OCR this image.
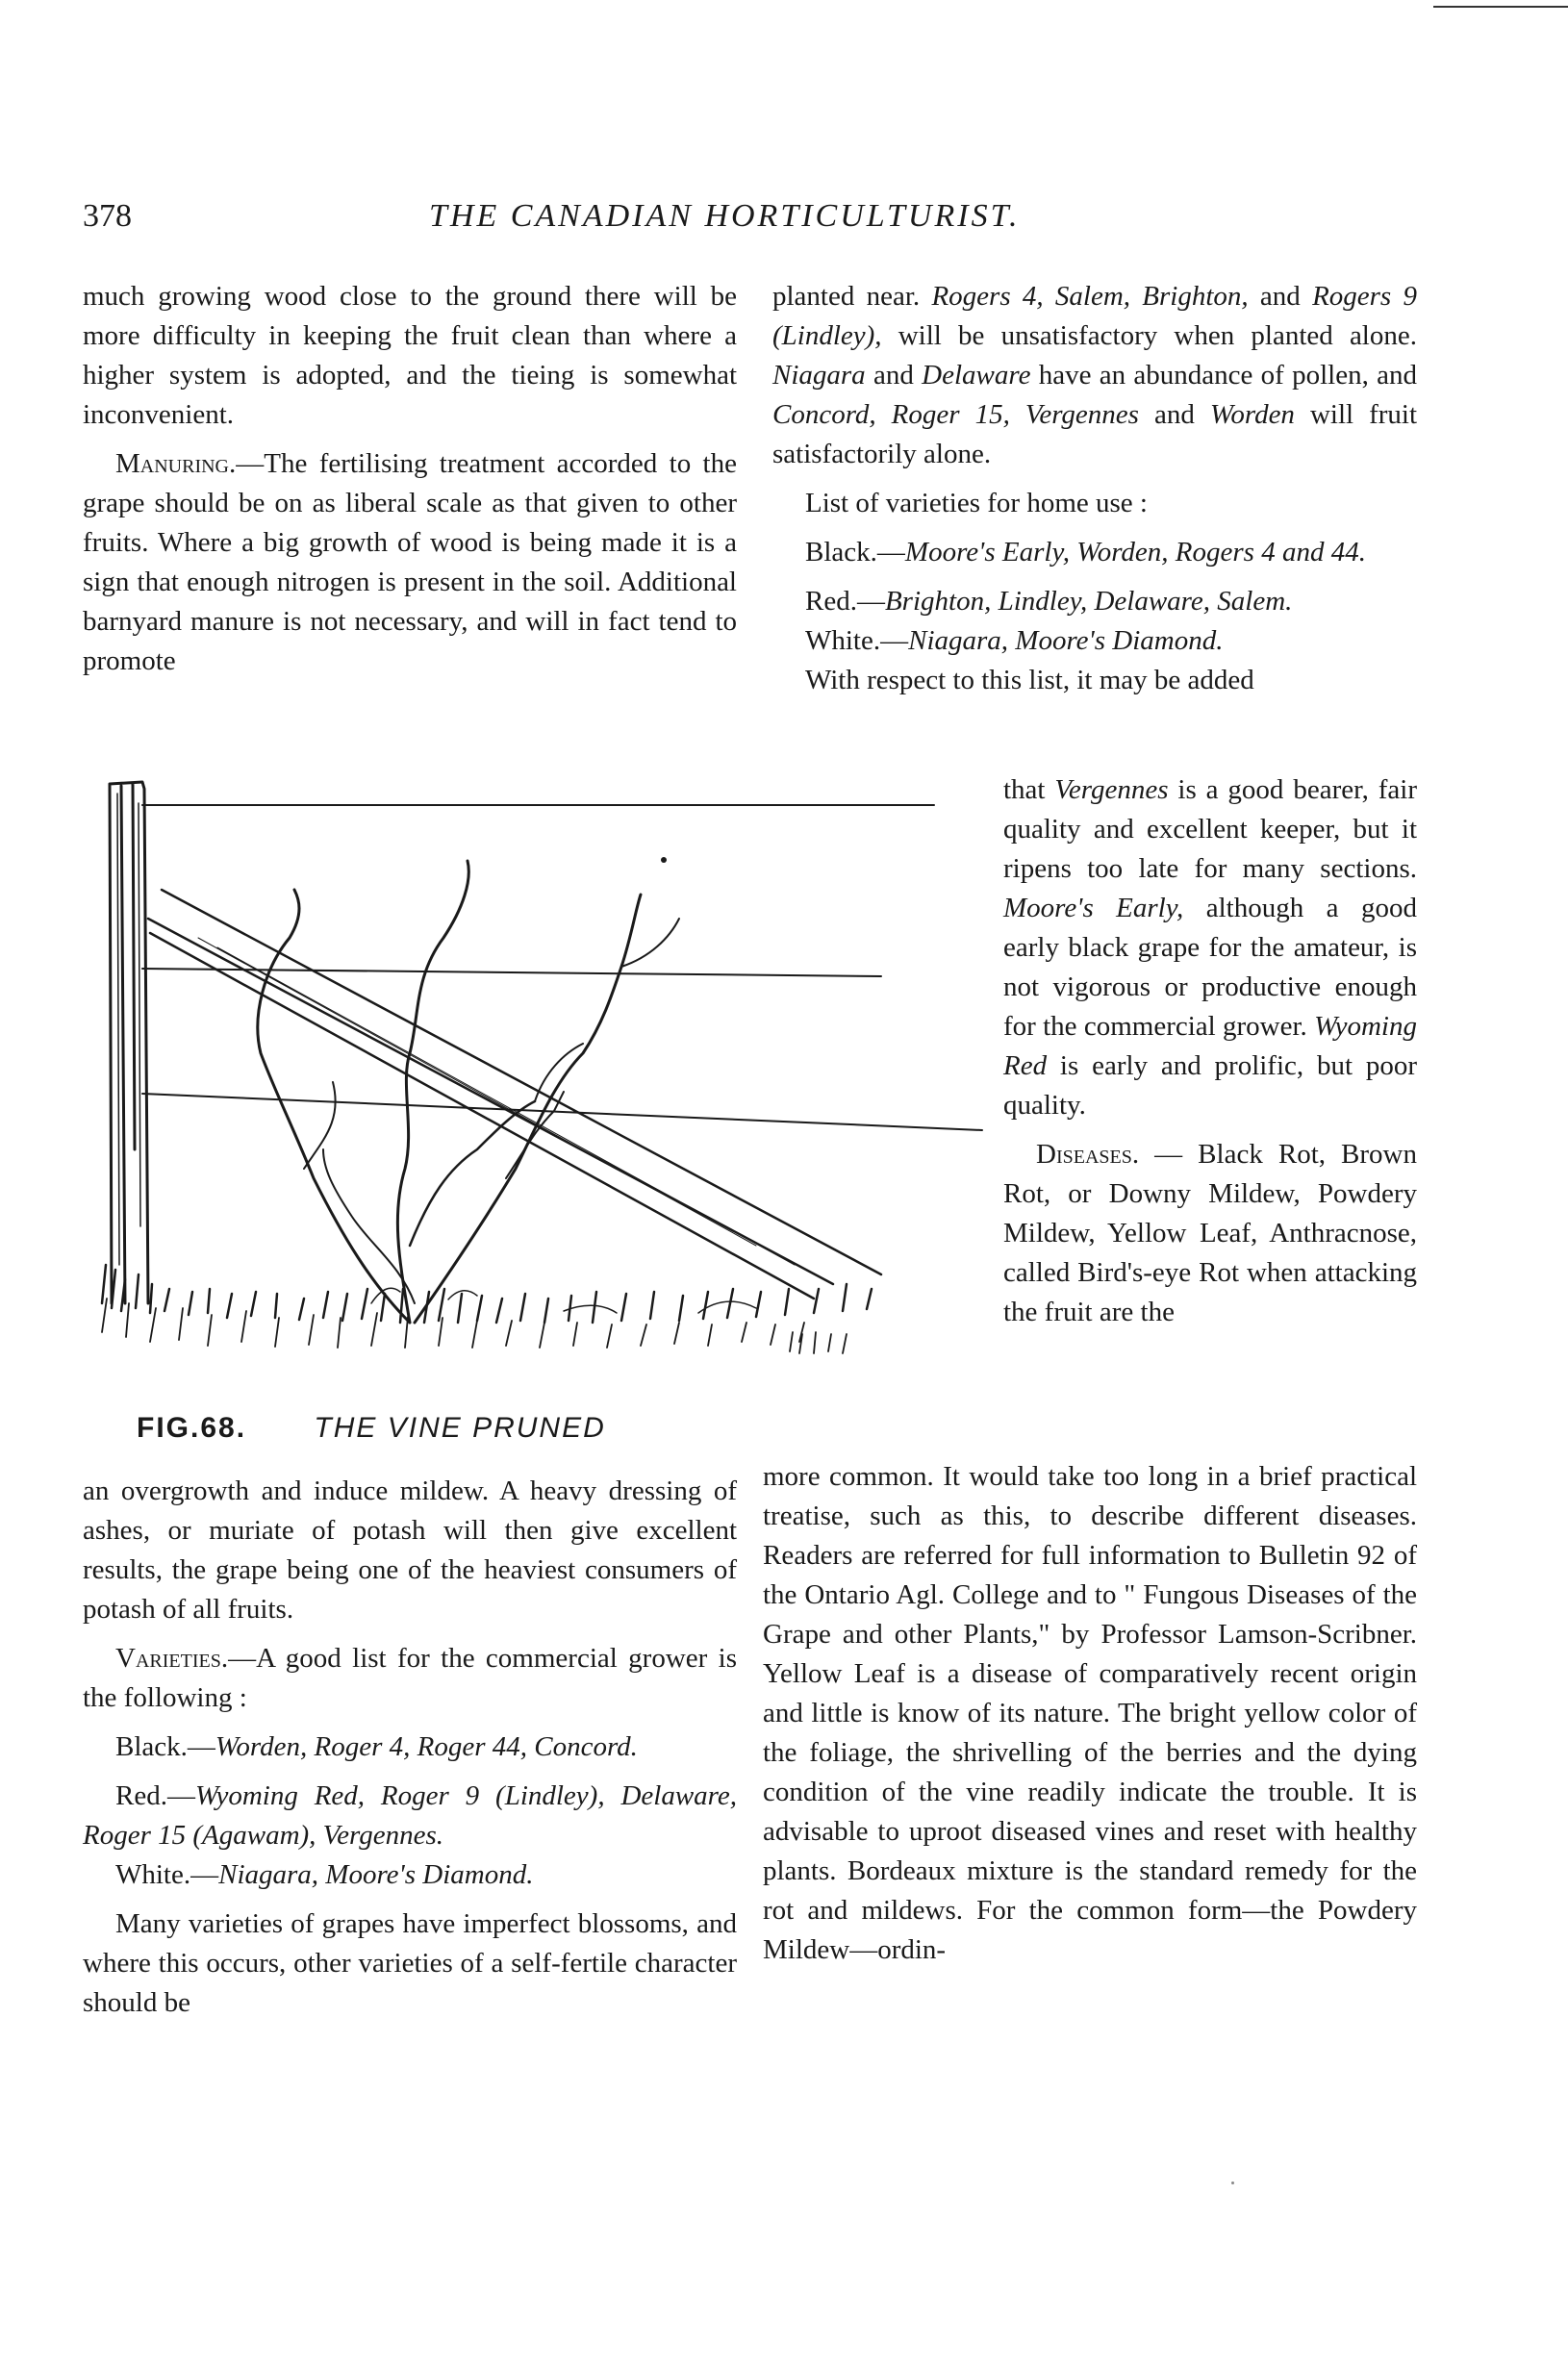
378	THE CANADIAN HORTICULTURIST.

much growing wood close to the ground there will be more difficulty in keeping the fruit clean than where a higher system is adopted, and the tieing is somewhat inconvenient.

Manuring.—The fertilising treatment accorded to the grape should be on as liberal scale as that given to other fruits. Where a big growth of wood is being made it is a sign that enough nitrogen is present in the soil. Additional barnyard manure is not necessary, and will in fact tend to promote

planted near. Rogers 4, Salem, Brighton, and Rogers 9 (Lindley), will be unsatisfactory when planted alone. Niagara and Delaware have an abundance of pollen, and Concord, Roger 15, Vergennes and Worden will fruit satisfactorily alone.

List of varieties for home use :

Black.—Moore's Early, Worden, Rogers 4 and 44.

Red.—Brighton, Lindley, Delaware, Salem.

White.—Niagara, Moore's Diamond.

With respect to this list, it may be added

FIG.68. THE VINE PRUNED

that Vergennes is a good bearer, fair quality and excellent keeper, but it ripens too late for many sections. Moore's Early, although a good early black grape for the amateur, is not vigorous or productive enough for the commercial grower. Wyoming Red is early and prolific, but poor quality.

Diseases. — Black Rot, Brown Rot, or Downy Mildew, Powdery Mildew, Yellow Leaf, Anthracnose, called Bird's-eye Rot when attacking the fruit are the

more common. It would take too long in a brief practical treatise, such as this, to describe different diseases. Readers are referred for full information to Bulletin 92 of the Ontario Agl. College and to " Fungous Diseases of the Grape and other Plants," by Professor Lamson-Scribner. Yellow Leaf is a disease of comparatively recent origin and little is know of its nature. The bright yellow color of the foliage, the shrivelling of the berries and the dying condition of the vine readily indicate the trouble. It is advisable to uproot diseased vines and reset with healthy plants. Bordeaux mixture is the standard remedy for the rot and mildews. For the common form—the Powdery Mildew—ordin-

an overgrowth and induce mildew. A heavy dressing of ashes, or muriate of potash will then give excellent results, the grape being one of the heaviest consumers of potash of all fruits.

Varieties.—A good list for the commercial grower is the following :

Black.—Worden, Roger 4, Roger 44, Concord.

Red.—Wyoming Red, Roger 9 (Lindley), Delaware, Roger 15 (Agawam), Vergennes.

White.—Niagara, Moore's Diamond.

Many varieties of grapes have imperfect blossoms, and where this occurs, other varieties of a self-fertile character should be
